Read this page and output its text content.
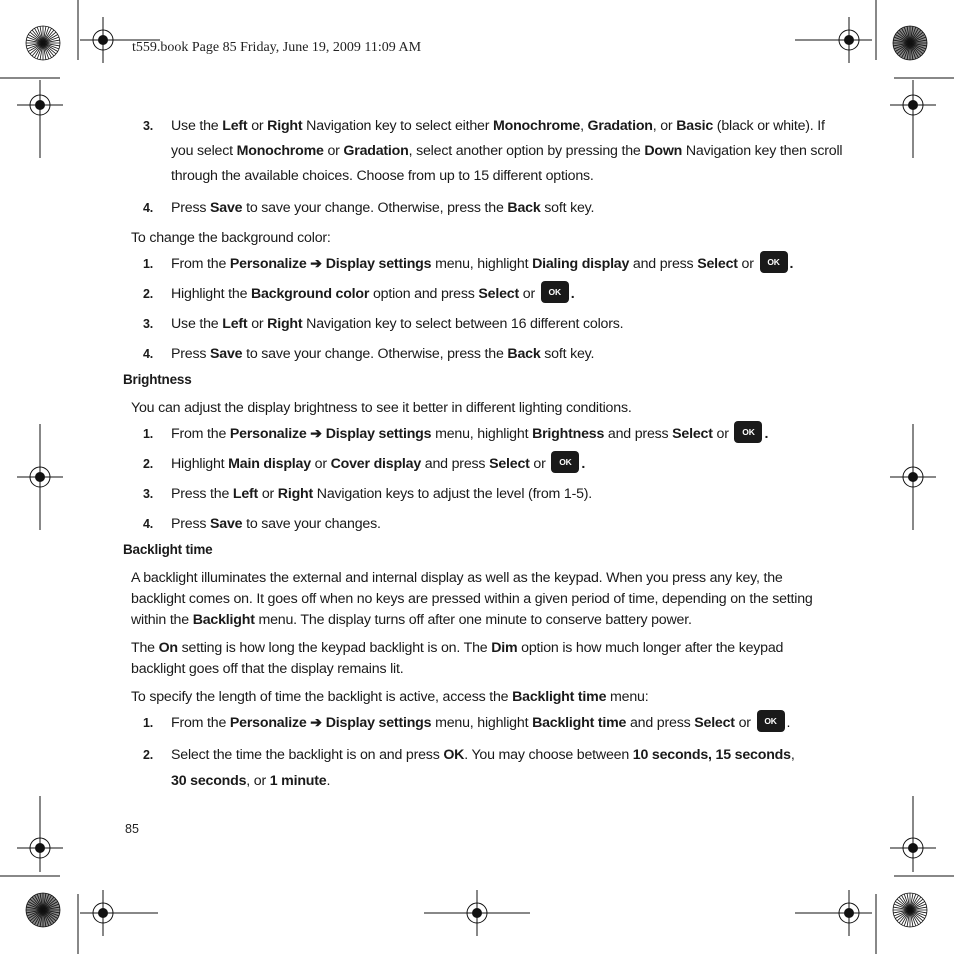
t559.book Page 85 Friday, June 19, 2009 11:09 AM
3. Use the Left or Right Navigation key to select either Monochrome, Gradation, or Basic (black or white). If
you select Monochrome or Gradation, select another option by pressing the Down Navigation key then scroll
through the available choices. Choose from up to 15 different options.
4. Press Save to save your change. Otherwise, press the Back soft key.
To change the background color:
1. From the Personalize ➔ Display settings menu, highlight Dialing display and press Select or OK .
2. Highlight the Background color option and press Select or OK .
3. Use the Left or Right Navigation key to select between 16 different colors.
4. Press Save to save your change. Otherwise, press the Back soft key.
Brightness
You can adjust the display brightness to see it better in different lighting conditions.
1. From the Personalize ➔ Display settings menu, highlight Brightness and press Select or OK .
2. Highlight Main display or Cover display and press Select or OK .
3. Press the Left or Right Navigation keys to adjust the level (from 1-5).
4. Press Save to save your changes.
Backlight time
A backlight illuminates the external and internal display as well as the keypad. When you press any key, the
backlight comes on. It goes off when no keys are pressed within a given period of time, depending on the setting
within the Backlight menu. The display turns off after one minute to conserve battery power.
The On setting is how long the keypad backlight is on. The Dim option is how much longer after the keypad
backlight goes off that the display remains lit.
To specify the length of time the backlight is active, access the Backlight time menu:
1. From the Personalize ➔ Display settings menu, highlight Backlight time and press Select or OK .
2. Select the time the backlight is on and press OK. You may choose between 10 seconds, 15 seconds,
30 seconds, or 1 minute.
85
